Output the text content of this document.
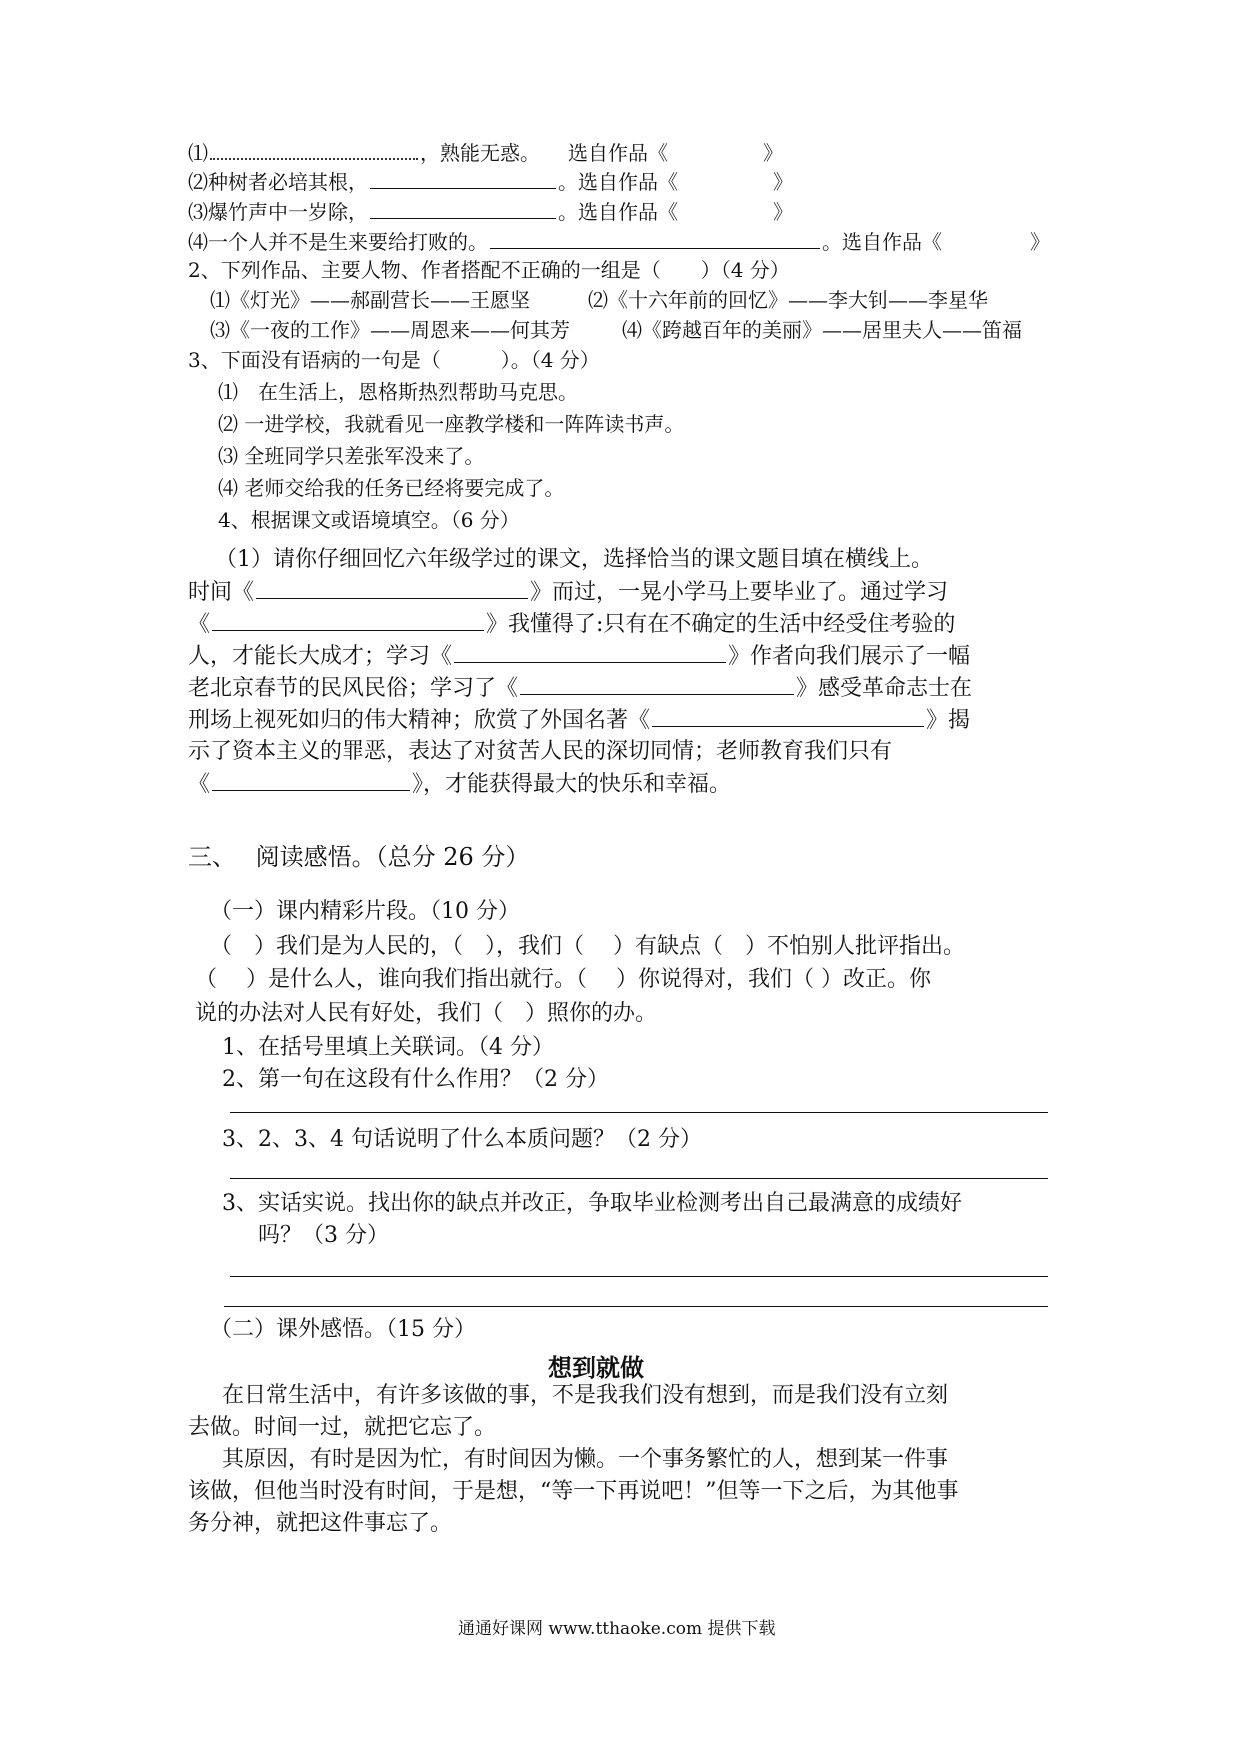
⑴	，熟能无惑。 选自作品《	》
⑵种树者必培其根，	。选自作品《	》
⑶爆竹声中一岁除，	。选自作品《	》
⑷一个人并不是生来要给打败的。	。选自作品《	》
2、下列作品、主要人物、作者搭配不正确的一组是（　　）（4 分）
⑴《灯光》——郝副营长——王愿坚	⑵《十六年前的回忆》——李大钊——李星华
⑶《一夜的工作》——周恩来——何其芳	⑷《跨越百年的美丽》——居里夫人——笛福
3、下面没有语病的一句是（　　　）。（4 分）
⑴　在生活上，恩格斯热烈帮助马克思。
⑵ 一进学校，我就看见一座教学楼和一阵阵读书声。
⑶ 全班同学只差张军没来了。
⑷ 老师交给我的任务已经将要完成了。
4、根据课文或语境填空。（6 分）
（1）请你仔细回忆六年级学过的课文，选择恰当的课文题目填在横线上。
时间《	》而过，一晃小学马上要毕业了。通过学习
《	》我懂得了:只有在不确定的生活中经受住考验的
人，才能长大成才；学习《	》作者向我们展示了一幅
老北京春节的民风民俗；学习了《	》感受革命志士在
刑场上视死如归的伟大精神；欣赏了外国名著《	》揭
示了资本主义的罪恶，表达了对贫苦人民的深切同情；老师教育我们只有
《	》，才能获得最大的快乐和幸福。
三、　 阅读感悟。（总分 26 分）
（一）课内精彩片段。（10 分）
（　）我们是为人民的，（　），我们（　 ）有缺点（　）不怕别人批评指出。
（　 ）是什么人，谁向我们指出就行。（　 ）你说得对，我们（ ）改正。你
说的办法对人民有好处，我们（　）照你的办。
1、在括号里填上关联词。（4 分）
2、第一句在这段有什么作用？（2 分）
3、2、3、4 句话说明了什么本质问题？（2 分）
3、实话实说。找出你的缺点并改正，争取毕业检测考出自己最满意的成绩好
吗？（3 分）
（二）课外感悟。（15 分）
想到就做
在日常生活中，有许多该做的事，不是我我们没有想到，而是我们没有立刻
去做。时间一过，就把它忘了。
其原因，有时是因为忙，有时间因为懒。一个事务繁忙的人，想到某一件事
该做，但他当时没有时间，于是想，“等一下再说吧！”但等一下之后，为其他事
务分神，就把这件事忘了。
通通好课网 www.tthaoke.com 提供下载
